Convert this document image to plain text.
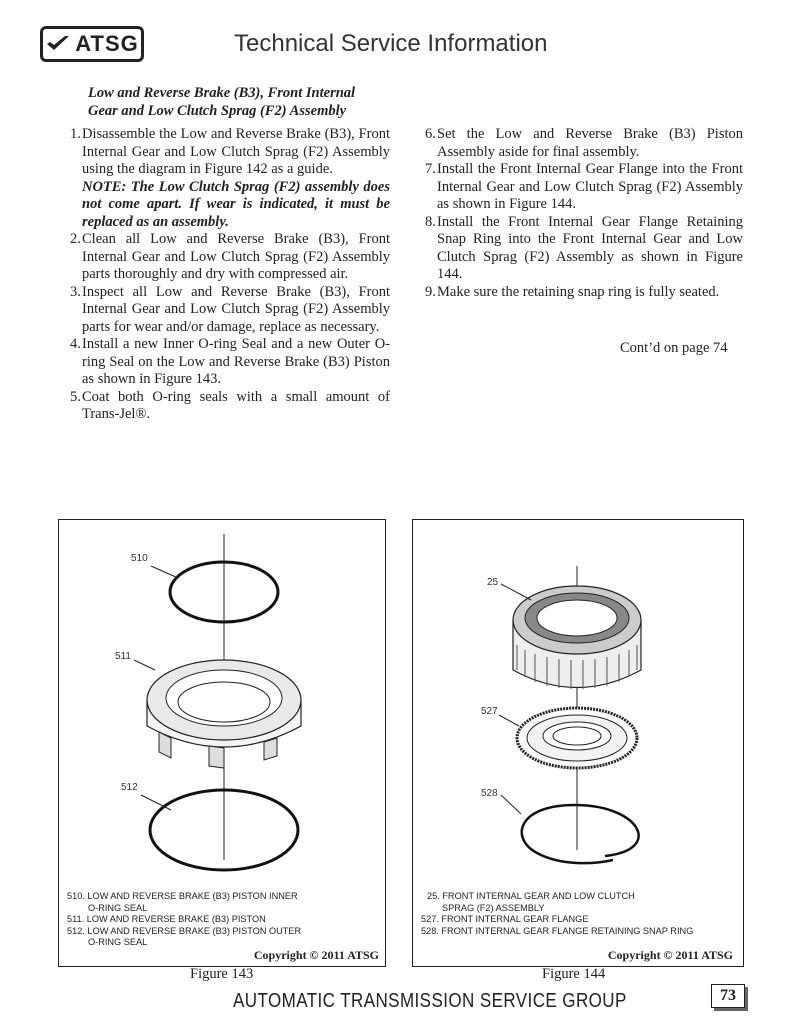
ATSG	Technical Service Information
Low and Reverse Brake (B3), Front Internal
Gear and Low Clutch Sprag (F2) Assembly
1. Disassemble the Low and Reverse Brake (B3), Front Internal Gear and Low Clutch Sprag (F2) Assembly using the diagram in Figure 142 as a guide.
NOTE: The Low Clutch Sprag (F2) assembly does not come apart. If wear is indicated, it must be replaced as an assembly.
2. Clean all Low and Reverse Brake (B3), Front Internal Gear and Low Clutch Sprag (F2) Assembly parts thoroughly and dry with compressed air.
3. Inspect all Low and Reverse Brake (B3), Front Internal Gear and Low Clutch Sprag (F2) Assembly parts for wear and/or damage, replace as necessary.
4. Install a new Inner O-ring Seal and a new Outer O-ring Seal on the Low and Reverse Brake (B3) Piston as shown in Figure 143.
5. Coat both O-ring seals with a small amount of Trans-Jel®.
6. Set the Low and Reverse Brake (B3) Piston Assembly aside for final assembly.
7. Install the Front Internal Gear Flange into the Front Internal Gear and Low Clutch Sprag (F2) Assembly as shown in Figure 144.
8. Install the Front Internal Gear Flange Retaining Snap Ring into the Front Internal Gear and Low Clutch Sprag (F2) Assembly as shown in Figure 144.
9. Make sure the retaining snap ring is fully seated.
Cont’d on page 74
510
511
512
510. LOW AND REVERSE BRAKE (B3) PISTON INNER
O-RING SEAL
511. LOW AND REVERSE BRAKE (B3) PISTON
512. LOW AND REVERSE BRAKE (B3) PISTON OUTER
O-RING SEAL
Copyright © 2011 ATSG
Figure 143
25
527
528
25. FRONT INTERNAL GEAR AND LOW CLUTCH
SPRAG (F2) ASSEMBLY
527. FRONT INTERNAL GEAR FLANGE
528. FRONT INTERNAL GEAR FLANGE RETAINING SNAP RING
Copyright © 2011 ATSG
Figure 144
AUTOMATIC TRANSMISSION SERVICE GROUP	73
